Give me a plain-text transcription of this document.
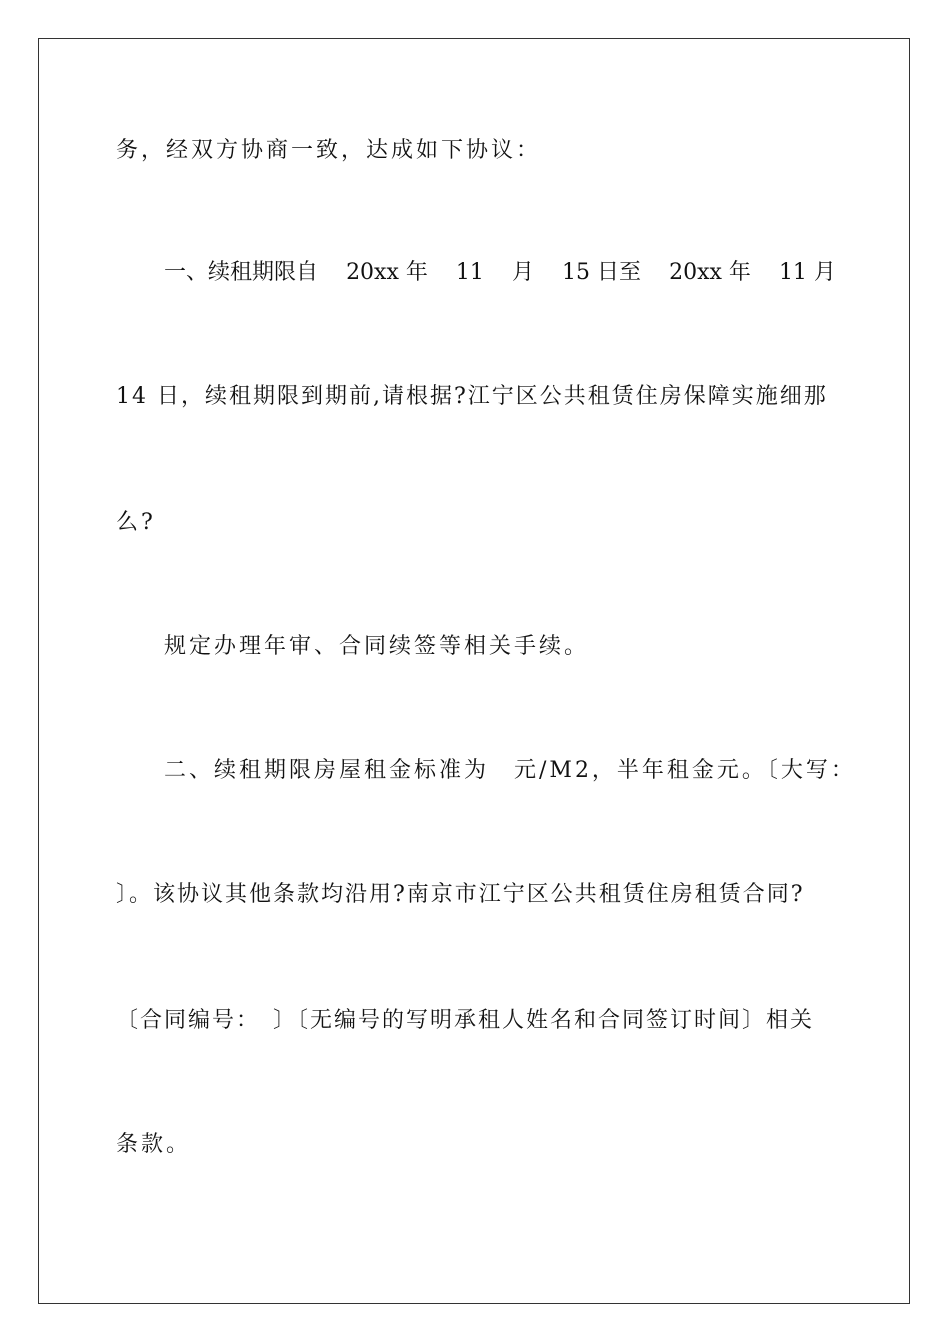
务，经双方协商一致，达成如下协议：
一、续租期限自 20xx 年 11 月 15 日至 20xx 年 11 月
14 日，续租期限到期前,请根据?江宁区公共租赁住房保障实施细那
么?
规定办理年审、合同续签等相关手续。
二、续租期限房屋租金标准为　元/M2，半年租金元。〔大写：
〕。该协议其他条款均沿用?南京市江宁区公共租赁住房租赁合同?
〔合同编号：　〕〔无编号的写明承租人姓名和合同签订时间〕相关
条款。
